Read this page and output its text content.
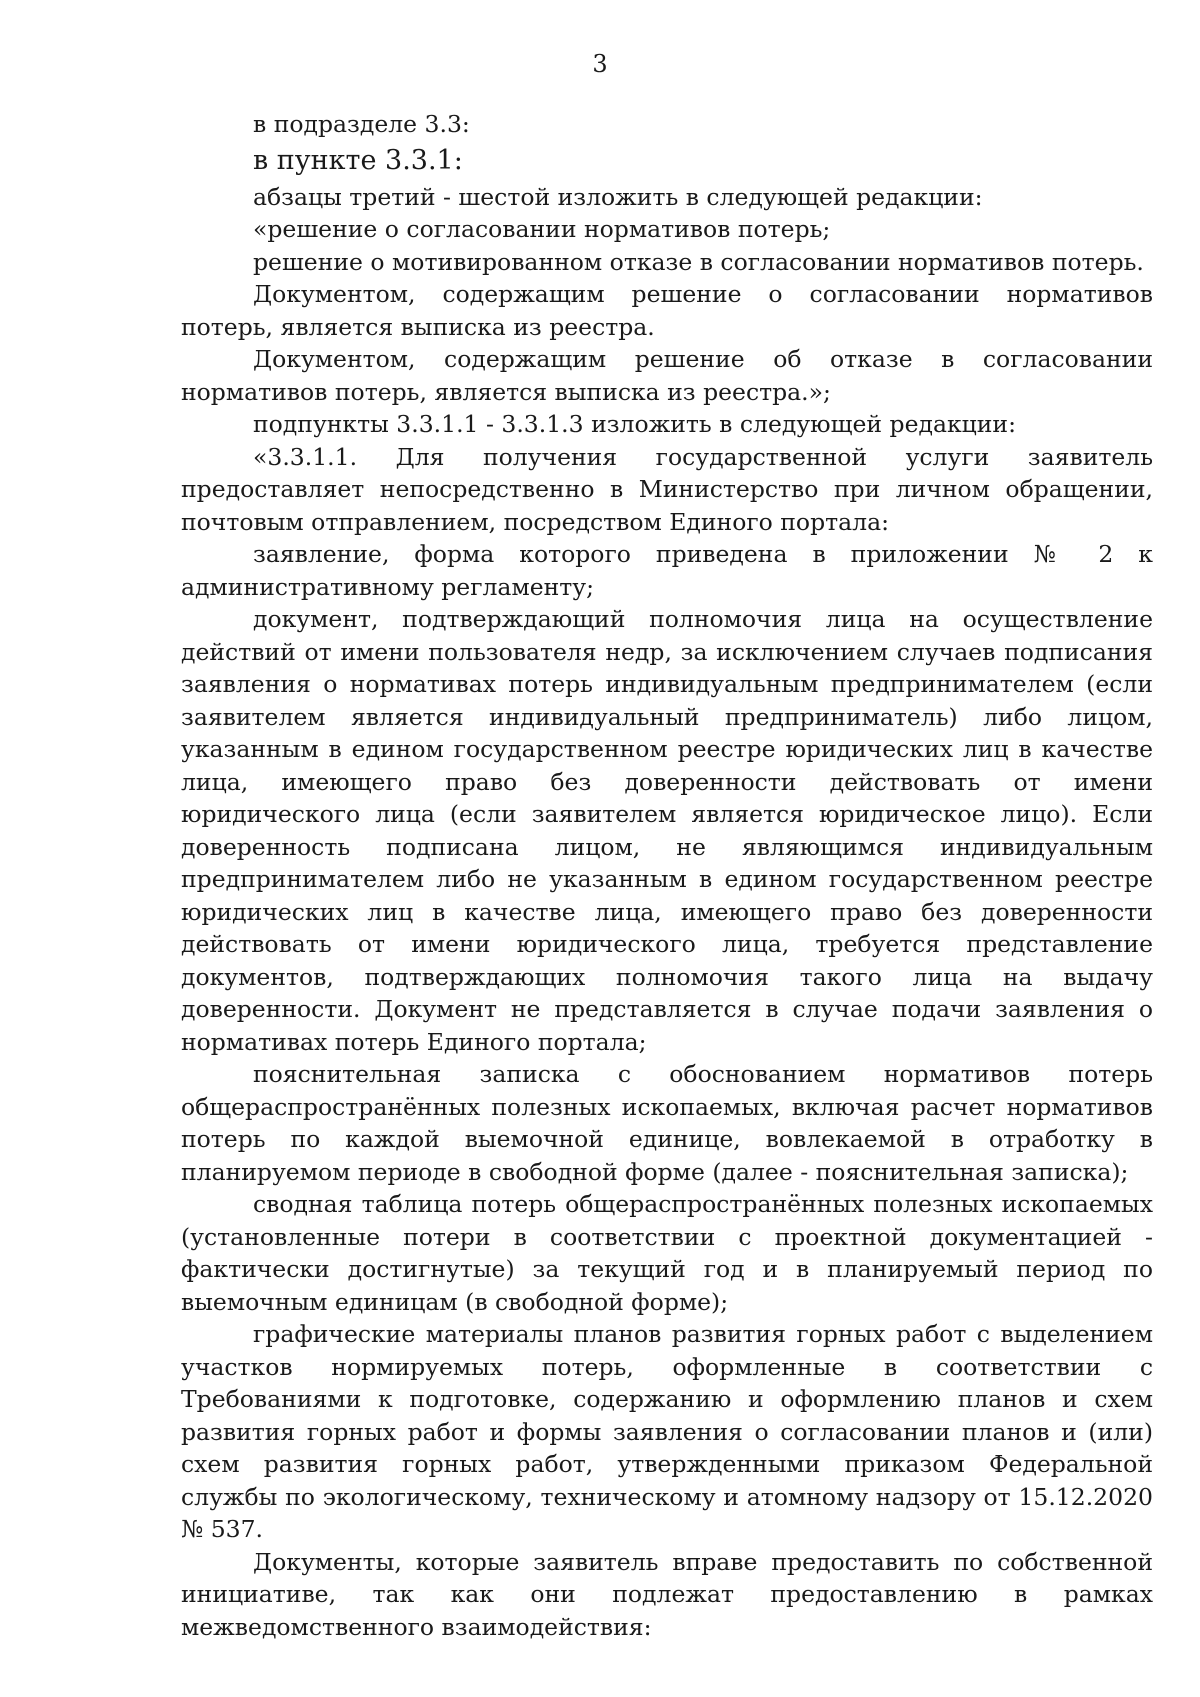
3

в подразделе 3.3:

в пункте 3.3.1:

абзацы третий - шестой изложить в следующей редакции:

«решение о согласовании нормативов потерь;

решение о мотивированном отказе в согласовании нормативов потерь.

Документом, содержащим решение о согласовании нормативов потерь, является выписка из реестра.

Документом, содержащим решение об отказе в согласовании нормативов потерь, является выписка из реестра.»;

подпункты 3.3.1.1 - 3.3.1.3 изложить в следующей редакции:

«3.3.1.1. Для получения государственной услуги заявитель предоставляет непосредственно в Министерство при личном обращении, почтовым отправлением, посредством Единого портала:

заявление, форма которого приведена в приложении № 2 к административному регламенту;

документ, подтверждающий полномочия лица на осуществление действий от имени пользователя недр, за исключением случаев подписания заявления о нормативах потерь индивидуальным предпринимателем (если заявителем является индивидуальный предприниматель) либо лицом, указанным в едином государственном реестре юридических лиц в качестве лица, имеющего право без доверенности действовать от имени юридического лица (если заявителем является юридическое лицо). Если доверенность подписана лицом, не являющимся индивидуальным предпринимателем либо не указанным в едином государственном реестре юридических лиц в качестве лица, имеющего право без доверенности действовать от имени юридического лица, требуется представление документов, подтверждающих полномочия такого лица на выдачу доверенности. Документ не представляется в случае подачи заявления о нормативах потерь Единого портала;

пояснительная записка с обоснованием нормативов потерь общераспространённых полезных ископаемых, включая расчет нормативов потерь по каждой выемочной единице, вовлекаемой в отработку в планируемом периоде в свободной форме (далее - пояснительная записка);

сводная таблица потерь общераспространённых полезных ископаемых (установленные потери в соответствии с проектной документацией - фактически достигнутые) за текущий год и в планируемый период по выемочным единицам (в свободной форме);

графические материалы планов развития горных работ с выделением участков нормируемых потерь, оформленные в соответствии с Требованиями к подготовке, содержанию и оформлению планов и схем развития горных работ и формы заявления о согласовании планов и (или) схем развития горных работ, утвержденными приказом Федеральной службы по экологическому, техническому и атомному надзору от 15.12.2020 № 537.

Документы, которые заявитель вправе предоставить по собственной инициативе, так как они подлежат предоставлению в рамках межведомственного взаимодействия:
